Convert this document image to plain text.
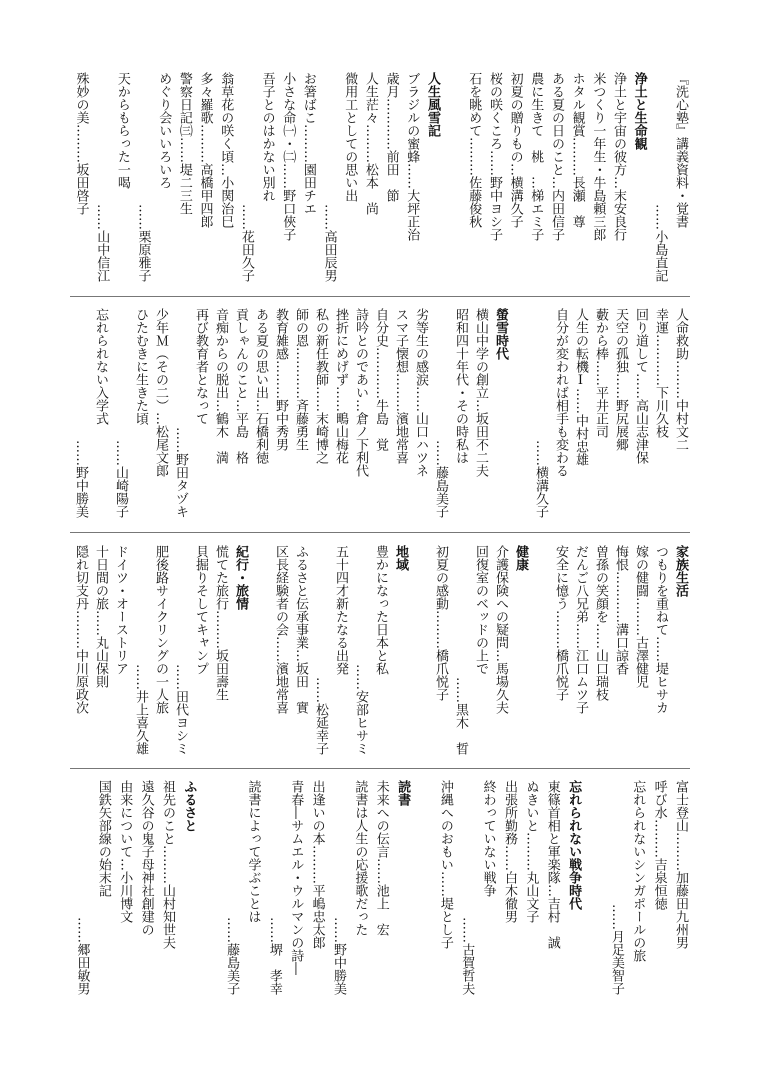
『洗心塾』講義資料・覚書
……小島直記
浄土と生命観
浄土と宇宙の彼方…末安良行
米つくり一年生・牛島頼三郎
ホタル観賞………長瀬　尊
ある夏の日のこと…内田信子
農に生きて　桃　…梯エミ子
初夏の贈りもの…横溝久子
桜の咲くころ……野中ヨシ子
石を眺めて………佐藤俊秋
人生風雪記
ブラジルの蜜蜂……大坪正治
歳月…………前田　節
人生茫々………松本　尚
微用工としての思い出
……高田辰男
お箸ばこ………園田チエ
小さな命㈠・㈡……野口俠子
吾子とのはかない別れ
……花田久子
翁草花の咲く頃…小関治巳
多々羅歌………高橋甲四郎
警察日記㈢……堤二三生
めぐり会いいろいろ
……栗原雅子
天からもらった一喝
……山中信江
殊妙の美………坂田啓子
人命救助………中村文二
幸運…………下川久枝
回り道して……高山志津保
天空の孤独……野尻展郷
藪から棒……平井正司
人生の転機Ⅰ……中村忠雄
自分が変われば相手も変わる
……横溝久子
螢雪時代
横山中学の創立…坂田不二夫
昭和四十年代・その時私は
……藤島美子
劣等生の感涙……山口ハツネ
スマ子懐想………濱地常喜
自分史…………牛島　覚
詩吟とのであい…倉ノ下利代
挫折にめげず……鴫山梅花
私の新任教師……末崎博之
師の恩…………斉藤勇生
教育雑感………野中秀男
ある夏の思い出…石橋利徳
貢しゃんのこと…平島　格
音痴からの脱出…鶴木　満
再び教育者となって
……野田タヅキ
少年Ｍ（その二）…松尾文郎
ひたむきに生きた頃
……山崎陽子
忘れられない入学式
……野中勝美
家族生活
つもりを重ねて……堤ヒサカ
嫁の健闘………古澤健児
悔恨…………溝口諒香
曽孫の笑顔を……山口瑞枝
だんご八兄弟……江口ムツ子
安全に憶う………橋爪悦子
健康
介護保険への疑問…馬場久夫
回復室のベッドの上で
……黒木　晢
初夏の感動………橋爪悦子
地域
豊かになった日本と私
……安部ヒサミ
五十四才新たなる出発
……松延幸子
ふるさと伝承事業…坂田　實
区長経験者の会……濱地常喜
紀行・旅情
慌てた旅行………坂田壽生
貝掘りそしてキャンプ
……田代ヨシミ
肥後路サイクリングの一人旅
……井上喜久雄
ドイツ・オーストリア
十日間の旅……丸山保則
隠れ切支丹………中川原政次
富士登山………加藤田九州男
呼び水………吉泉恒徳
忘れられないシンガポールの旅
……月足美智子
忘れられない戦争時代
東篠首相と軍楽隊…吉村　誠
ぬきいと………丸山文子
出張所勤務……白木徹男
終わっていない戦争
……古賀哲夫
沖縄へのおもい……堤とし子
読書
未来への伝言……池上　宏
読書は人生の応援歌だった
……野中勝美
出逢いの本………平嶋忠太郎
青春―サムエル・ウルマンの詩―
……堺　孝幸
読書によって学ぶことは
……藤島美子
ふるさと
祖先のこと………山村知世夫
遠久谷の鬼子母神社創建の
由来について…小川博文
国鉄矢部線の始末記
……郷田敏男
